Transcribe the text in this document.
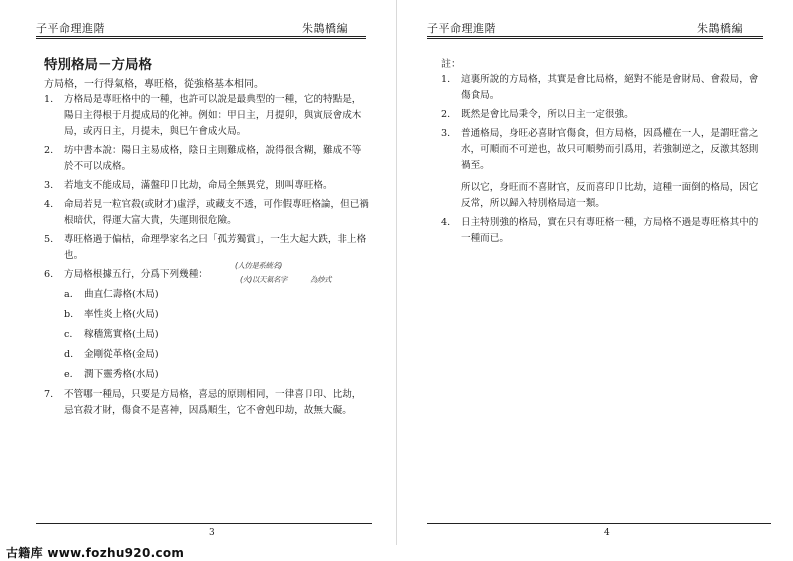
子平命理進階	朱鵲橋編
特別格局－方局格
方局格，一行得氣格，專旺格，從強格基本相同。
1. 方格局是專旺格中的一種，也許可以說是最典型的一種，它的特點是，陽日主得根于月提成局的化神。例如：甲日主，月提卯，與寅辰會成木局，或丙日主，月提未，與巳午會成火局。
2. 坊中書本說：陽日主易成格，陰日主則難成格，說得很含糊，難成不等於不可以成格。
3. 若地支不能成局，滿盤印卩比劫，命局全無異党，則叫專旺格。
4. 命局若見一粒官殺(或財才)虛浮，或藏支不透，可作假專旺格論，但已禍根暗伏，得運大富大貴，失運則很危險。
5. 專旺格過于偏枯，命理學家名之曰「孤芳獨賞」，一生大起大跌，非上格也。
6. 方局格根據五行，分爲下列幾種：
a. 曲直仁壽格(木局)
b. 率性炎上格(火局)
c. 稼穡篤實格(土局)
d. 金剛從革格(金局)
e. 潤下靈秀格(水局)
7. 不管哪一種局，只要是方局格，喜忌的原則相同，一律喜卩印、比劫，忌官殺才財，傷食不是喜神，因爲順生，它不會剋印劫，故無大礙。
(人仿是系統名)
(火)以天氣名字	為炒式
3
子平命理進階	朱鵲橋編
註：
1. 這裏所說的方局格，其實是會比局格，絕對不能是會財局、會殺局，會傷食局。
2. 既然是會比局秉令，所以日主一定很強。
3. 普通格局，身旺必喜財官傷食，但方局格，因爲權在一人，是謂旺當之水，可順而不可逆也，故只可順勢而引爲用，若強制逆之，反激其怒則禍至。
所以它，身旺而不喜財官，反而喜印卩比劫，這種一面倒的格局，因它反常，所以歸入特別格局這一類。
4. 日主特別強的格局，實在只有專旺格一種，方局格不過是專旺格其中的一種而已。
4
古籍库 www.fozhu920.com
